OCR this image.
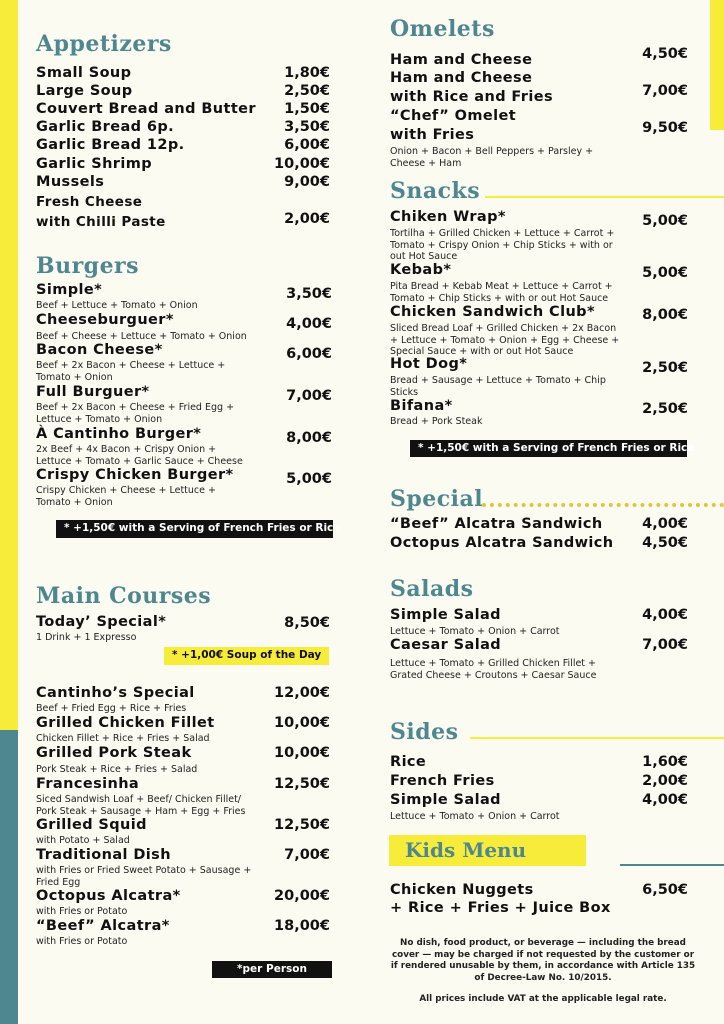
Appetizers
Small Soup	1,80€
Large Soup	2,50€
Couvert Bread and Butter 1,50€
Garlic Bread 6p.	3,50€
Garlic Bread 12p.	6,00€
Garlic Shrimp	10,00€
Mussels	9,00€
Fresh Cheese
with Chilli Paste	2,00€
Burgers
Simple*	3,50€
Beef + Lettuce + Tomato + Onion
Cheeseburguer*	4,00€
Beef + Cheese + Lettuce + Tomato + Onion
Bacon Cheese*	6,00€
Beef + 2x Bacon + Cheese + Lettuce + Tomato + Onion
Full Burguer*	7,00€
Beef + 2x Bacon + Cheese + Fried Egg + Lettuce + Tomato + Onion
À Cantinho Burger*	8,00€
2x Beef + 4x Bacon + Crispy Onion + Lettuce + Tomato + Garlic Sauce + Cheese
Crispy Chicken Burger*	5,00€
Crispy Chicken + Cheese + Lettuce + Tomato + Onion
* +1,50€ with a Serving of French Fries or Rice
Main Courses
Today’ Special*	8,50€
1 Drink + 1 Expresso
* +1,00€ Soup of the Day
Cantinho’s Special	12,00€
Beef + Fried Egg + Rice + Fries
Grilled Chicken Fillet	10,00€
Chicken Fillet + Rice + Fries + Salad
Grilled Pork Steak	10,00€
Pork Steak + Rice + Fries + Salad
Francesinha	12,50€
Siced Sandwish Loaf + Beef/ Chicken Fillet/ Pork Steak + Sausage + Ham + Egg + Fries
Grilled Squid	12,50€
with Potato + Salad
Traditional Dish	7,00€
with Fries or Fried Sweet Potato + Sausage + Fried Egg
Octopus Alcatra*	20,00€
with Fries or Potato
“Beef” Alcatra*	18,00€
with Fries or Potato
*per Person
Omelets
Ham and Cheese	4,50€
Ham and Cheese
with Rice and Fries	7,00€
“Chef” Omelet
with Fries	9,50€
Onion + Bacon + Bell Peppers + Parsley + Cheese + Ham
Snacks
Chiken Wrap*	5,00€
Tortilha + Grilled Chicken + Lettuce + Carrot + Tomato + Crispy Onion + Chip Sticks + with or out Hot Sauce
Kebab*	5,00€
Pita Bread + Kebab Meat + Lettuce + Carrot + Tomato + Chip Sticks + with or out Hot Sauce
Chicken Sandwich Club*	8,00€
Sliced Bread Loaf + Grilled Chicken + 2x Bacon + Lettuce + Tomato + Onion + Egg + Cheese + Special Sauce + with or out Hot Sauce
Hot Dog*	2,50€
Bread + Sausage + Lettuce + Tomato + Chip Sticks
Bifana*	2,50€
Bread + Pork Steak
* +1,50€ with a Serving of French Fries or Rice
Special
“Beef” Alcatra Sandwich	4,00€
Octopus Alcatra Sandwich 4,50€
Salads
Simple Salad	4,00€
Lettuce + Tomato + Onion + Carrot
Caesar Salad	7,00€
Lettuce + Tomato + Grilled Chicken Fillet + Grated Cheese + Croutons + Caesar Sauce
Sides
Rice	1,60€
French Fries	2,00€
Simple Salad	4,00€
Lettuce + Tomato + Onion + Carrot
Kids Menu
Chicken Nuggets
+ Rice + Fries + Juice Box
6,50€
No dish, food product, or beverage — including the bread cover — may be charged if not requested by the customer or if rendered unusable by them, in accordance with Article 135 of Decree-Law No. 10/2015.
All prices include VAT at the applicable legal rate.
